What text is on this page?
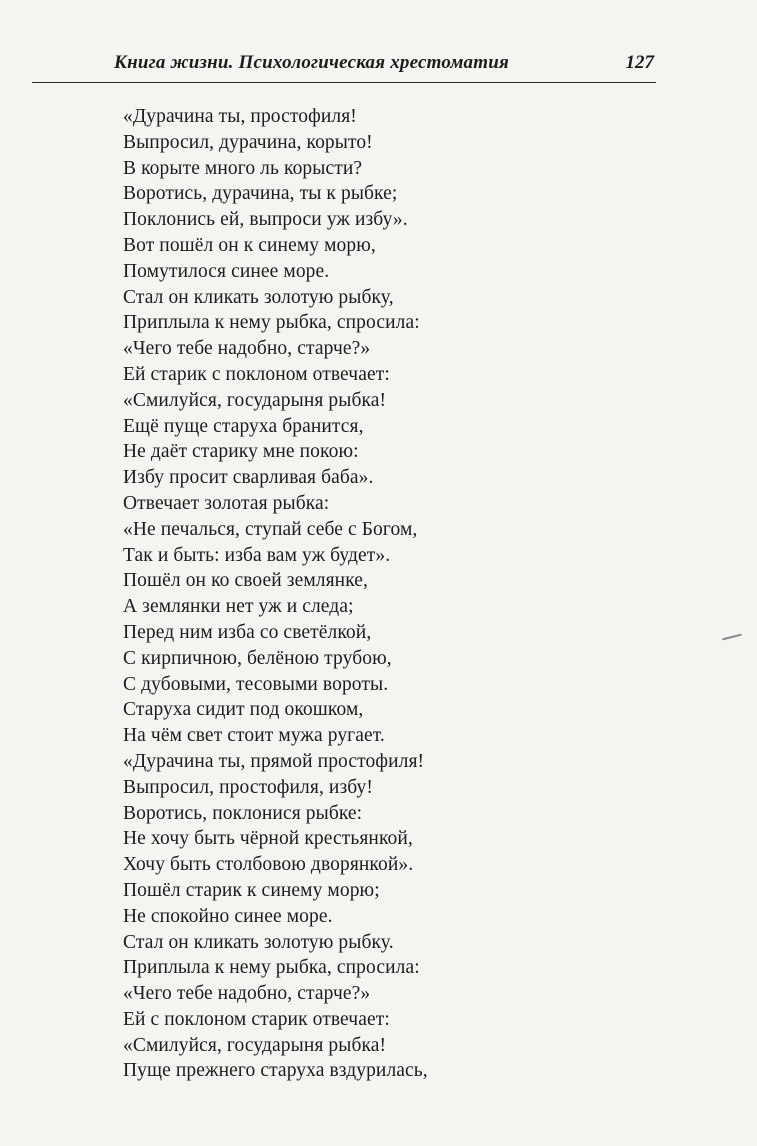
Книга жизни. Психологическая хрестоматия	127
«Дурачина ты, простофиля!
Выпросил, дурачина, корыто!
В корыте много ль корысти?
Воротись, дурачина, ты к рыбке;
Поклонись ей, выпроси уж избу».
Вот пошёл он к синему морю,
Помутилося синее море.
Стал он кликать золотую рыбку,
Приплыла к нему рыбка, спросила:
«Чего тебе надобно, старче?»
Ей старик с поклоном отвечает:
«Смилуйся, государыня рыбка!
Ещё пуще старуха бранится,
Не даёт старику мне покою:
Избу просит сварливая баба».
Отвечает золотая рыбка:
«Не печалься, ступай себе с Богом,
Так и быть: изба вам уж будет».
Пошёл он ко своей землянке,
А землянки нет уж и следа;
Перед ним изба со светёлкой,
С кирпичною, белёною трубою,
С дубовыми, тесовыми вороты.
Старуха сидит под окошком,
На чём свет стоит мужа ругает.
«Дурачина ты, прямой простофиля!
Выпросил, простофиля, избу!
Воротись, поклонися рыбке:
Не хочу быть чёрной крестьянкой,
Хочу быть столбовою дворянкой».
Пошёл старик к синему морю;
Не спокойно синее море.
Стал он кликать золотую рыбку.
Приплыла к нему рыбка, спросила:
«Чего тебе надобно, старче?»
Ей с поклоном старик отвечает:
«Смилуйся, государыня рыбка!
Пуще прежнего старуха вздурилась,
